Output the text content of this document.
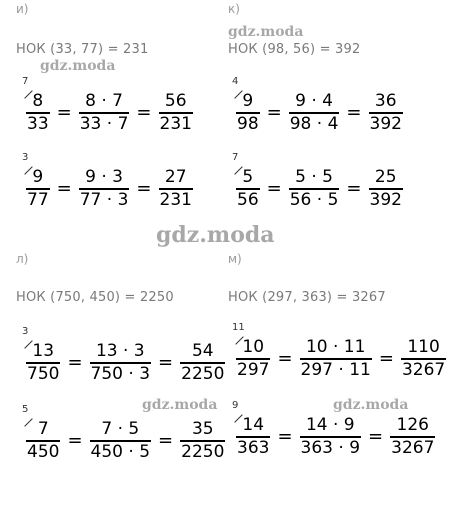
и)
НОК (33, 77) = 231
к)
НОК (98, 56) = 392
л)
НОК (750, 450) = 2250
м)
НОК (297, 363) = 3267
7
$\frac{8}{33} = \frac{8 \cdot 7}{33 \cdot 7} = \frac{56}{231}$
3
$\frac{9}{77} = \frac{9 \cdot 3}{77 \cdot 3} = \frac{27}{231}$
4
$\frac{9}{98} = \frac{9 \cdot 4}{98 \cdot 4} = \frac{36}{392}$
7
$\frac{5}{56} = \frac{5 \cdot 5}{56 \cdot 5} = \frac{25}{392}$
3
$\frac{13}{750} = \frac{13 \cdot 3}{750 \cdot 3} = \frac{54}{2250}$
5
$\frac{7}{450} = \frac{7 \cdot 5}{450 \cdot 5} = \frac{35}{2250}$
11
$\frac{10}{297} = \frac{10 \cdot 11}{297 \cdot 11} = \frac{110}{3267}$
9
$\frac{14}{363} = \frac{14 \cdot 9}{363 \cdot 9} = \frac{126}{3267}$
gdz.moda
gdz.moda
gdz.moda
gdz.moda	gdz.moda
